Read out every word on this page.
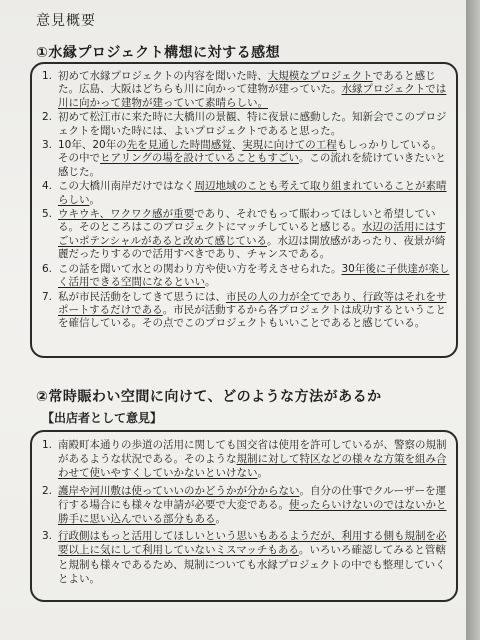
意見概要
①水縁プロジェクト構想に対する感想
1. 初めて水縁プロジェクトの内容を聞いた時、大規模なプロジェクトであると感じた。広島、大阪はどちらも川に向かって建物が建っていた。水縁プロジェクトでは川に向かって建物が建っていて素晴らしい。
2. 初めて松江市に来た時に大橋川の景観、特に夜景に感動した。知新会でこのプロジェクトを聞いた時には、よいプロジェクトであると思った。
3. 10年、20年の先を見通した時間感覚、実現に向けての工程もしっかりしている。その中でヒアリングの場を設けていることもすごい。この流れを続けていきたいと感じた。
4. この大橋川南岸だけではなく周辺地域のことも考えて取り組まれていることが素晴らしい。
5. ウキウキ、ワクワク感が重要であり、それでもって賑わってほしいと希望している。そのところはこのプロジェクトにマッチしていると感じる。水辺の活用にはすごいポテンシャルがあると改めて感じている。水辺は開放感があったり、夜景が綺麗だったりするので活用すべきであり、チャンスである。
6. この話を聞いて水との関わり方や使い方を考えさせられた。30年後に子供達が楽しく活用できる空間になるといい。
7. 私が市民活動をしてきて思うには、市民の人の力が全てであり、行政等はそれをサポートするだけである。市民が活動するから各プロジェクトは成功するということを確信している。その点でこのプロジェクトもいいことであると感じている。
②常時賑わい空間に向けて、どのような方法があるか
【出店者として意見】
1. 南殿町本通りの歩道の活用に関しても国交省は使用を許可しているが、警察の規制があるような状況である。そのような規制に対して特区などの様々な方策を組み合わせて使いやすくしていかないといけない。
2. 護岸や河川敷は使っていいのかどうかが分からない。自分の仕事でクルーザーを運行する場合にも様々な申請が必要で大変である。使ったらいけないのではないかと勝手に思い込んでいる部分もある。
3. 行政側はもっと活用してほしいという思いもあるようだが、利用する側も規制を必要以上に気にして利用していないミスマッチもある。いろいろ確認してみると管轄と規制も様々であるため、規制についても水縁プロジェクトの中でも整理していくとよい。
